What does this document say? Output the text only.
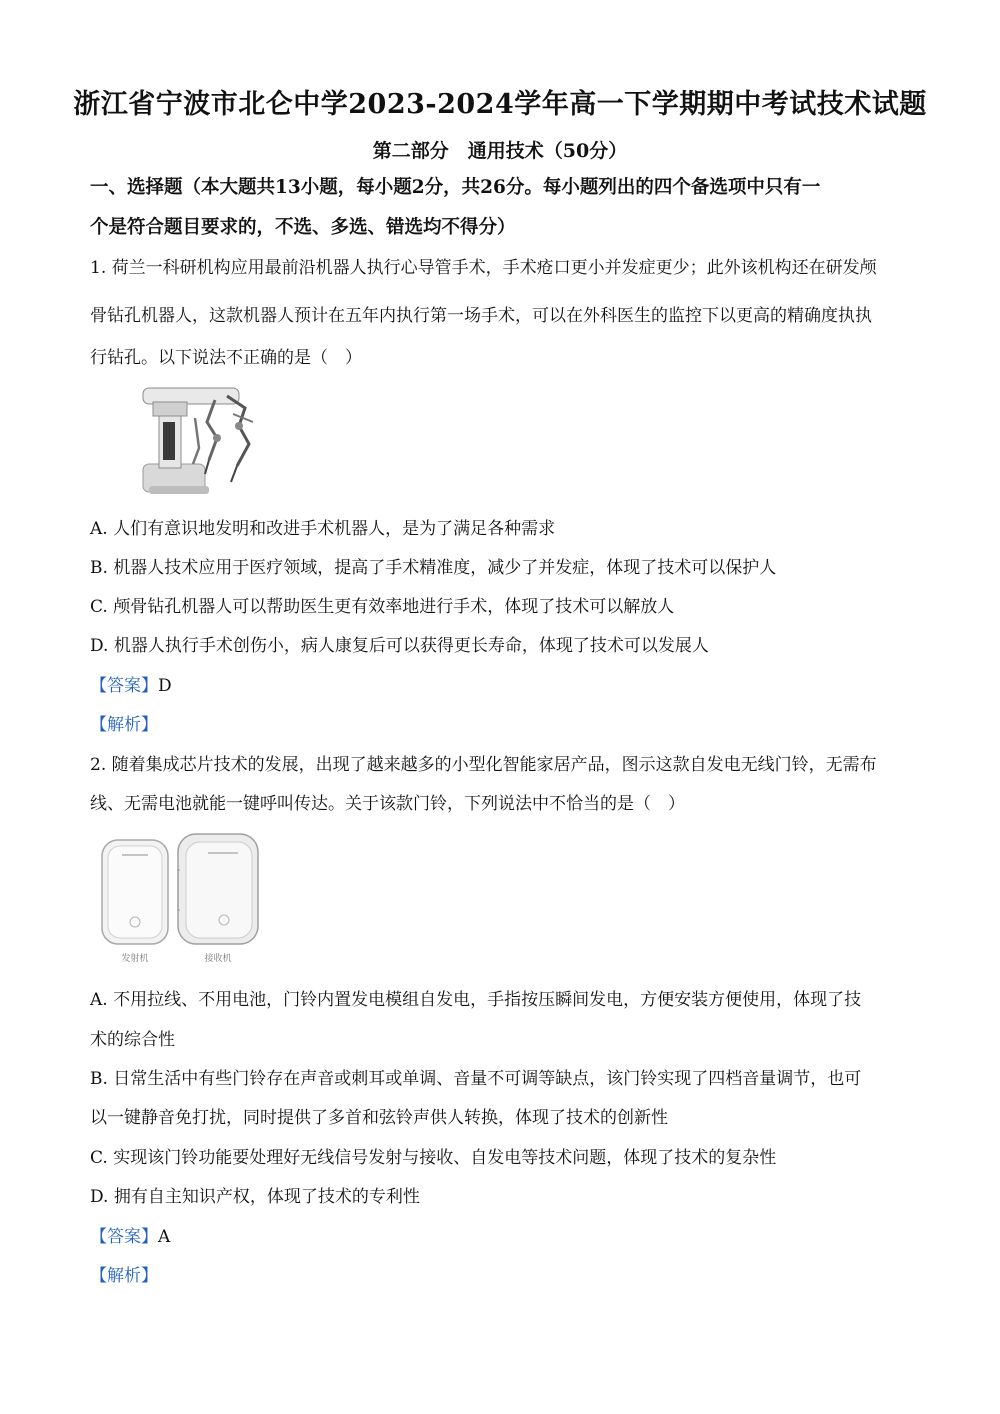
浙江省宁波市北仑中学2023-2024学年高一下学期期中考试技术试题
第二部分　通用技术（50分）
一、选择题（本大题共13小题，每小题2分，共26分。每小题列出的四个备选项中只有一
个是符合题目要求的，不选、多选、错选均不得分）
1. 荷兰一科研机构应用最前沿机器人执行心导管手术，手术疮口更小并发症更少；此外该机构还在研发颅
骨钻孔机器人，这款机器人预计在五年内执行第一场手术，可以在外科医生的监控下以更高的精确度执执
行钻孔。以下说法不正确的是（　）
A. 人们有意识地发明和改进手术机器人，是为了满足各种需求
B. 机器人技术应用于医疗领域，提高了手术精准度，减少了并发症，体现了技术可以保护人
C. 颅骨钻孔机器人可以帮助医生更有效率地进行手术，体现了技术可以解放人
D. 机器人执行手术创伤小，病人康复后可以获得更长寿命，体现了技术可以发展人
【答案】D
【解析】
2. 随着集成芯片技术的发展，出现了越来越多的小型化智能家居产品，图示这款自发电无线门铃，无需布
线、无需电池就能一键呼叫传达。关于该款门铃，下列说法中不恰当的是（　）
发射机	接收机
A. 不用拉线、不用电池，门铃内置发电模组自发电，手指按压瞬间发电，方便安装方便使用，体现了技
术的综合性
B. 日常生活中有些门铃存在声音或刺耳或单调、音量不可调等缺点，该门铃实现了四档音量调节，也可
以一键静音免打扰，同时提供了多首和弦铃声供人转换，体现了技术的创新性
C. 实现该门铃功能要处理好无线信号发射与接收、自发电等技术问题，体现了技术的复杂性
D. 拥有自主知识产权，体现了技术的专利性
【答案】A
【解析】
